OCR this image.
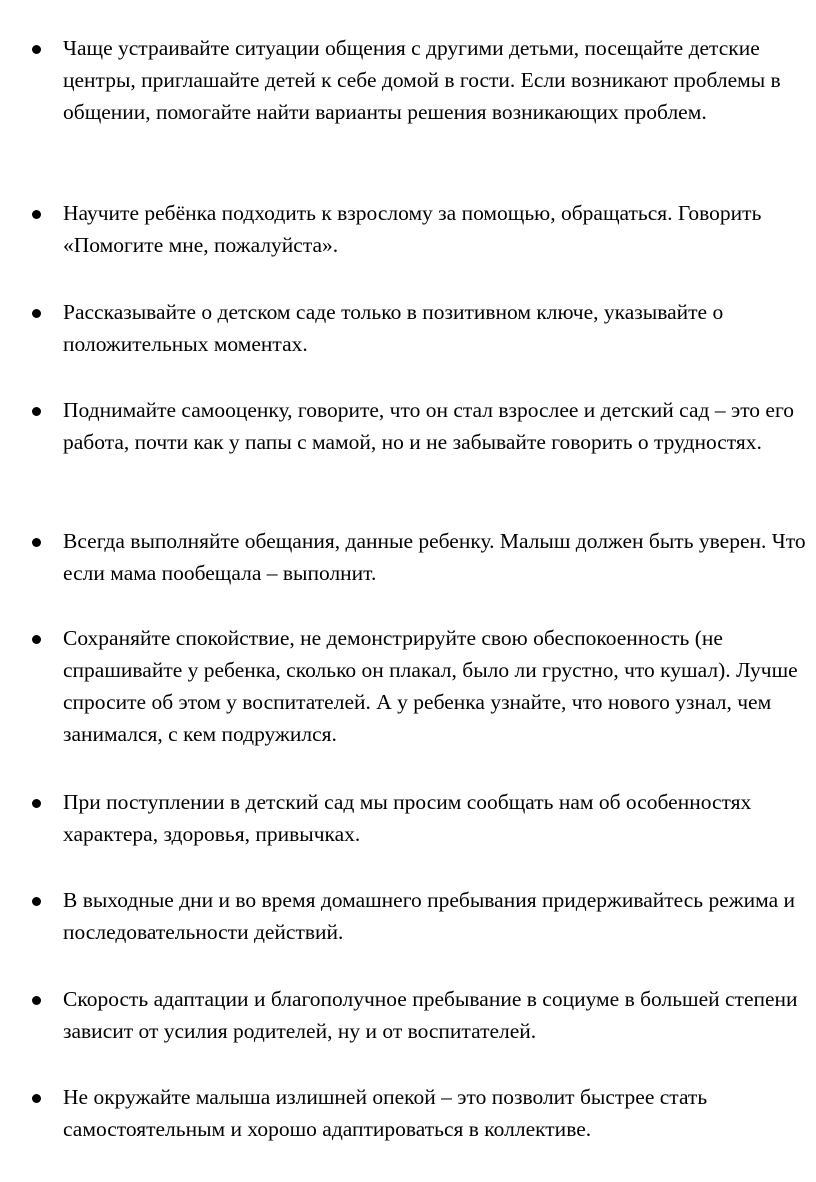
Чаще устраивайте ситуации общения с другими детьми, посещайте детские центры, приглашайте детей к себе домой в гости. Если возникают проблемы в общении, помогайте найти варианты решения возникающих проблем.
Научите ребёнка подходить к взрослому за помощью, обращаться. Говорить «Помогите мне, пожалуйста».
Рассказывайте о детском саде только в позитивном ключе, указывайте о положительных моментах.
Поднимайте самооценку, говорите, что он стал взрослее и детский сад – это его работа, почти как у папы с мамой, но и не забывайте говорить о трудностях.
Всегда выполняйте обещания, данные ребенку. Малыш должен быть уверен. Что если мама пообещала – выполнит.
Сохраняйте спокойствие, не демонстрируйте свою обеспокоенность (не спрашивайте у ребенка, сколько он плакал, было ли грустно, что кушал). Лучше спросите об этом у воспитателей. А у ребенка узнайте, что нового узнал, чем занимался, с кем подружился.
При поступлении в детский сад мы просим сообщать нам об особенностях характера, здоровья, привычках.
В выходные дни и во время домашнего пребывания придерживайтесь режима и последовательности действий.
Скорость адаптации и благополучное пребывание в социуме в большей степени зависит от усилия родителей, ну и от воспитателей.
Не окружайте малыша излишней опекой – это позволит быстрее стать самостоятельным и хорошо адаптироваться в коллективе.
